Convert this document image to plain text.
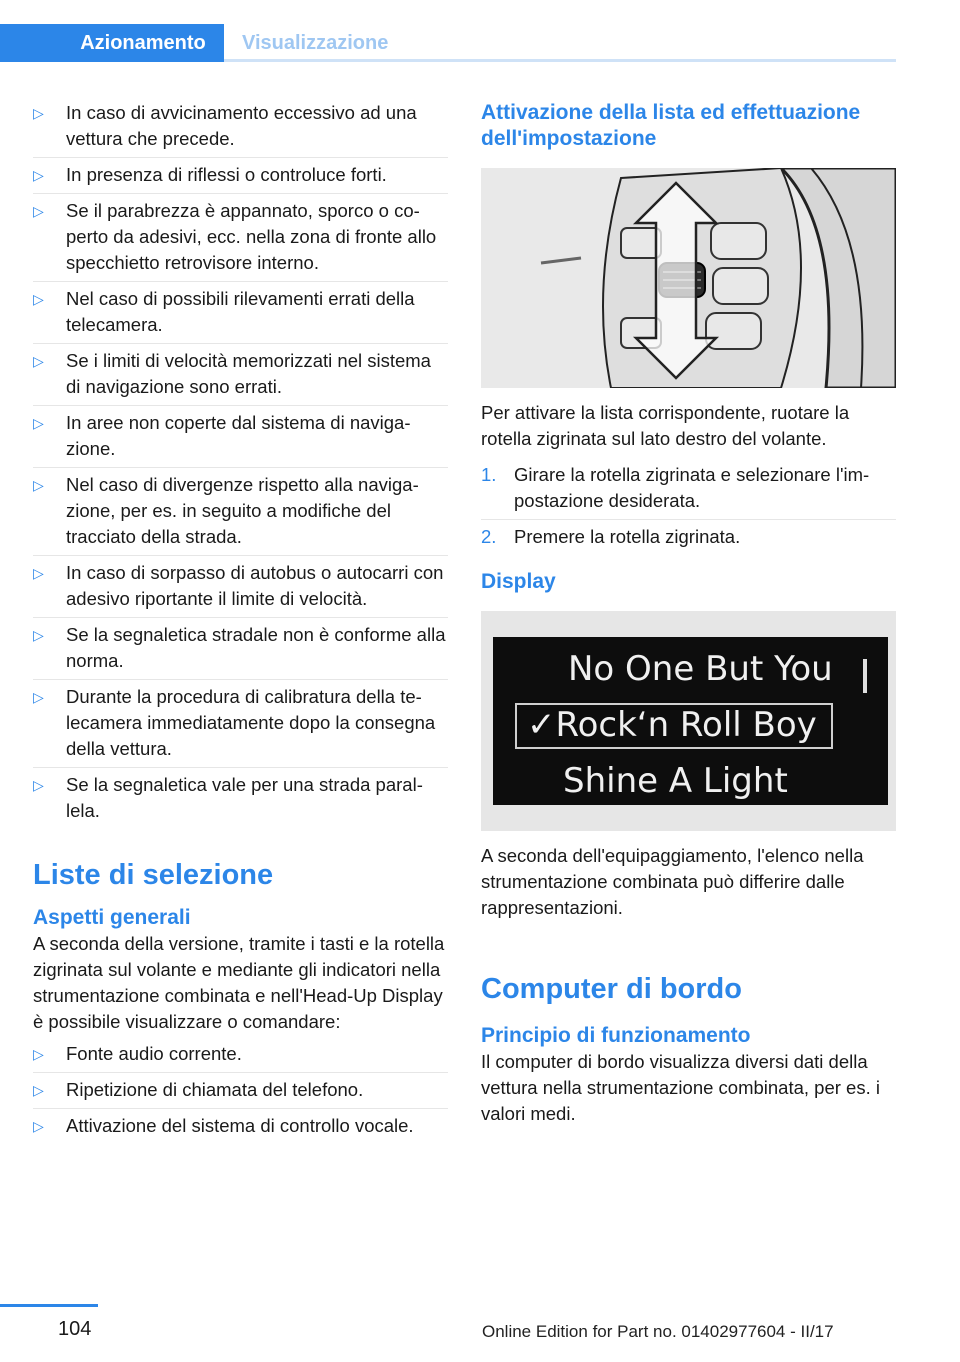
Azionamento	Visualizzazione
▷ In caso di avvicinamento eccessivo ad una vettura che precede.
▷ In presenza di riflessi o controluce forti.
▷ Se il parabrezza è appannato, sporco o coperto da adesivi, ecc. nella zona di fronte allo specchietto retrovisore interno.
▷ Nel caso di possibili rilevamenti errati della telecamera.
▷ Se i limiti di velocità memorizzati nel sistema di navigazione sono errati.
▷ In aree non coperte dal sistema di navigazione.
▷ Nel caso di divergenze rispetto alla navigazione, per es. in seguito a modifiche del tracciato della strada.
▷ In caso di sorpasso di autobus o autocarri con adesivo riportante il limite di velocità.
▷ Se la segnaletica stradale non è conforme alla norma.
▷ Durante la procedura di calibratura della telecamera immediatamente dopo la consegna della vettura.
▷ Se la segnaletica vale per una strada parallela.
Liste di selezione
Aspetti generali

A seconda della versione, tramite i tasti e la rotella zigrinata sul volante e mediante gli indicatori nella strumentazione combinata e nell'Head-Up Display è possibile visualizzare o comandare:

▷ Fonte audio corrente.
▷ Ripetizione di chiamata del telefono.
▷ Attivazione del sistema di controllo vocale.
Attivazione della lista ed effettuazione dell'impostazione

Per attivare la lista corrispondente, ruotare la rotella zigrinata sul lato destro del volante.

1. Girare la rotella zigrinata e selezionare l'impostazione desiderata.
2. Premere la rotella zigrinata.
Display
No One But You
✓Rock‘n Roll Boy
Shine A Light

A seconda dell'equipaggiamento, l'elenco nella strumentazione combinata può differire dalle rappresentazioni.

Computer di bordo
Principio di funzionamento

Il computer di bordo visualizza diversi dati della vettura nella strumentazione combinata, per es. i valori medi.

104	Online Edition for Part no. 01402977604 - II/17
